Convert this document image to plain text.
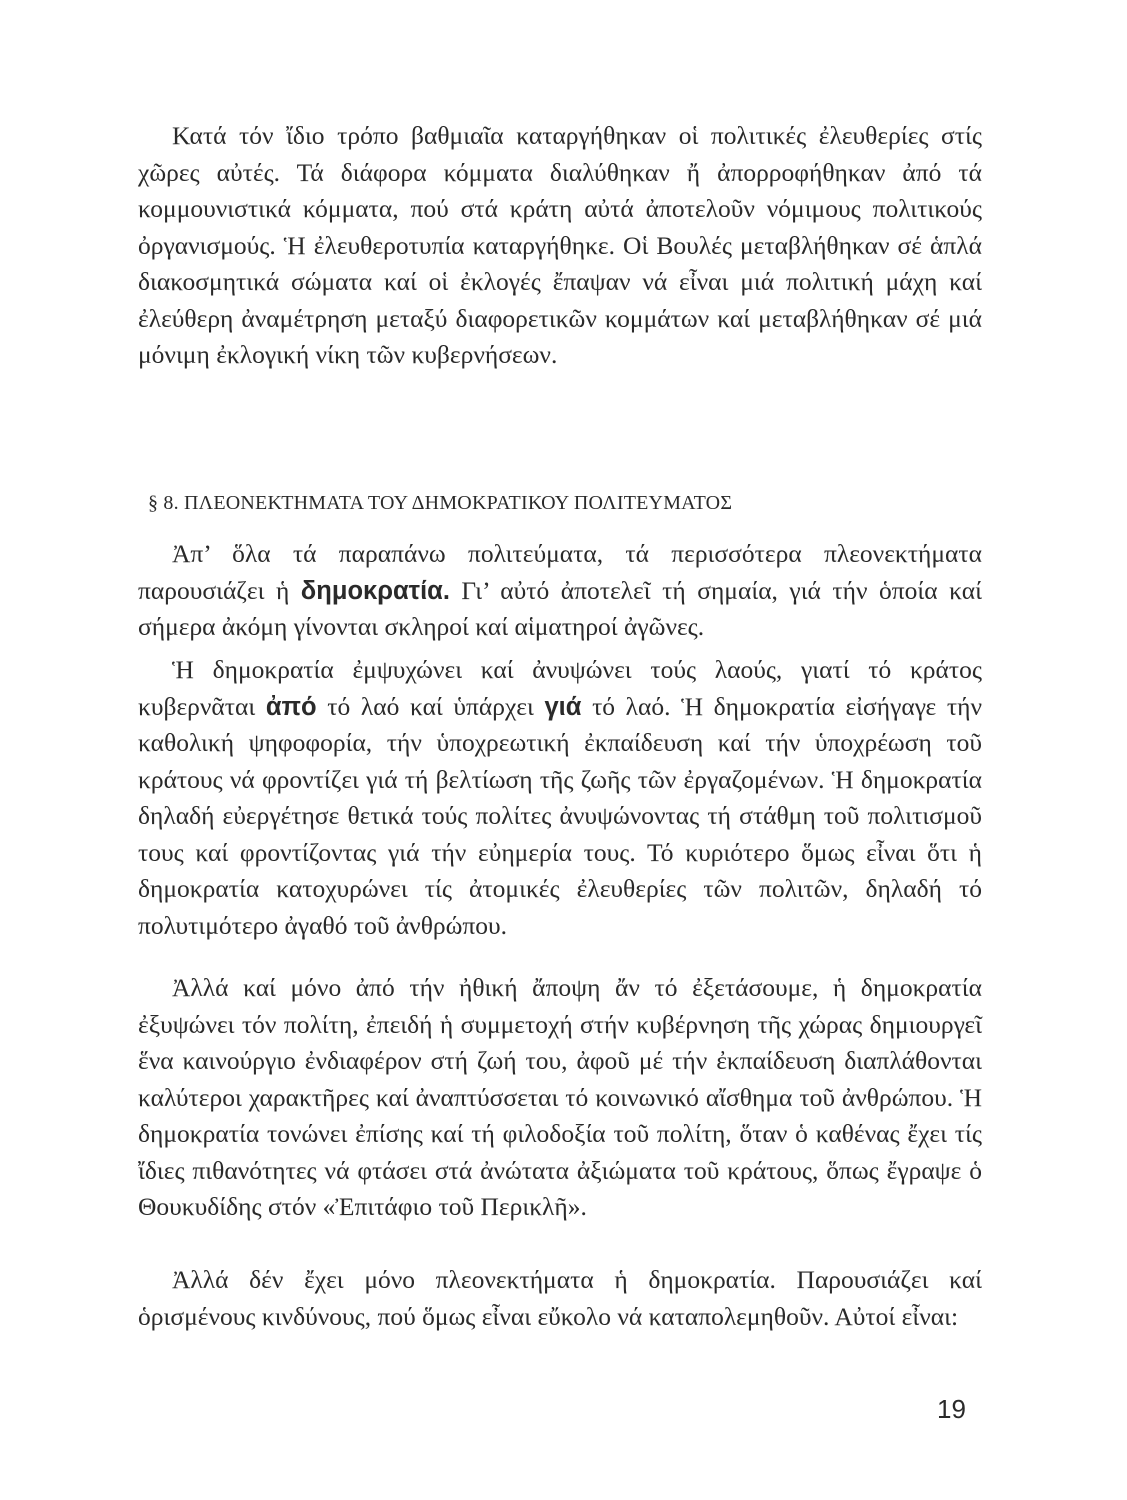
Κατά τόν ἴδιο τρόπο βαθμιαῖα καταργήθηκαν οἱ πολιτικές ἐλευθερίες στίς χῶρες αὐτές. Τά διάφορα κόμματα διαλύθηκαν ἤ ἀπορροφήθηκαν ἀπό τά κομμουνιστικά κόμματα, πού στά κράτη αὐτά ἀποτελοῦν νόμιμους πολιτικούς ὀργανισμούς. Ἡ ἐλευθεροτυπία καταργήθηκε. Οἱ Βουλές μεταβλήθηκαν σέ ἁπλά διακοσμητικά σώματα καί οἱ ἐκλογές ἔπαψαν νά εἶναι μιά πολιτική μάχη καί ἐλεύθερη ἀναμέτρηση μεταξύ διαφορετικῶν κομμάτων καί μεταβλήθηκαν σέ μιά μόνιμη ἐκλογική νίκη τῶν κυβερνήσεων.

§ 8. ΠΛΕΟΝΕΚΤΗΜΑΤΑ ΤΟΥ ΔΗΜΟΚΡΑΤΙΚΟΥ ΠΟΛΙΤΕΥΜΑΤΟΣ

Ἀπ’ ὅλα τά παραπάνω πολιτεύματα, τά περισσότερα πλεονεκτήματα παρουσιάζει ἡ δημοκρατία. Γι’ αὐτό ἀποτελεῖ τή σημαία, γιά τήν ὁποία καί σήμερα ἀκόμη γίνονται σκληροί καί αἱματηροί ἀγῶνες.

Ἡ δημοκρατία ἐμψυχώνει καί ἀνυψώνει τούς λαούς, γιατί τό κράτος κυβερνᾶται ἀπό τό λαό καί ὑπάρχει γιά τό λαό. Ἡ δημοκρατία εἰσήγαγε τήν καθολική ψηφοφορία, τήν ὑποχρεωτική ἐκπαίδευση καί τήν ὑποχρέωση τοῦ κράτους νά φροντίζει γιά τή βελτίωση τῆς ζωῆς τῶν ἐργαζομένων. Ἡ δημοκρατία δηλαδή εὐεργέτησε θετικά τούς πολίτες ἀνυψώνοντας τή στάθμη τοῦ πολιτισμοῦ τους καί φροντίζοντας γιά τήν εὐημερία τους. Τό κυριότερο ὅμως εἶναι ὅτι ἡ δημοκρατία κατοχυρώνει τίς ἀτομικές ἐλευθερίες τῶν πολιτῶν, δηλαδή τό πολυτιμότερο ἀγαθό τοῦ ἀνθρώπου.

Ἀλλά καί μόνο ἀπό τήν ἠθική ἄποψη ἄν τό ἐξετάσουμε, ἡ δημοκρατία ἐξυψώνει τόν πολίτη, ἐπειδή ἡ συμμετοχή στήν κυβέρνηση τῆς χώρας δημιουργεῖ ἕνα καινούργιο ἐνδιαφέρον στή ζωή του, ἀφοῦ μέ τήν ἐκπαίδευση διαπλάθονται καλύτεροι χαρακτῆρες καί ἀναπτύσσεται τό κοινωνικό αἴσθημα τοῦ ἀνθρώπου. Ἡ δημοκρατία τονώνει ἐπίσης καί τή φιλοδοξία τοῦ πολίτη, ὅταν ὁ καθένας ἔχει τίς ἴδιες πιθανότητες νά φτάσει στά ἀνώτατα ἀξιώματα τοῦ κράτους, ὅπως ἔγραψε ὁ Θουκυδίδης στόν «Ἐπιτάφιο τοῦ Περικλῆ».

Ἀλλά δέν ἔχει μόνο πλεονεκτήματα ἡ δημοκρατία. Παρουσιάζει καί ὁρισμένους κινδύνους, πού ὅμως εἶναι εὔκολο νά καταπολεμηθοῦν. Αὐτοί εἶναι:

19
